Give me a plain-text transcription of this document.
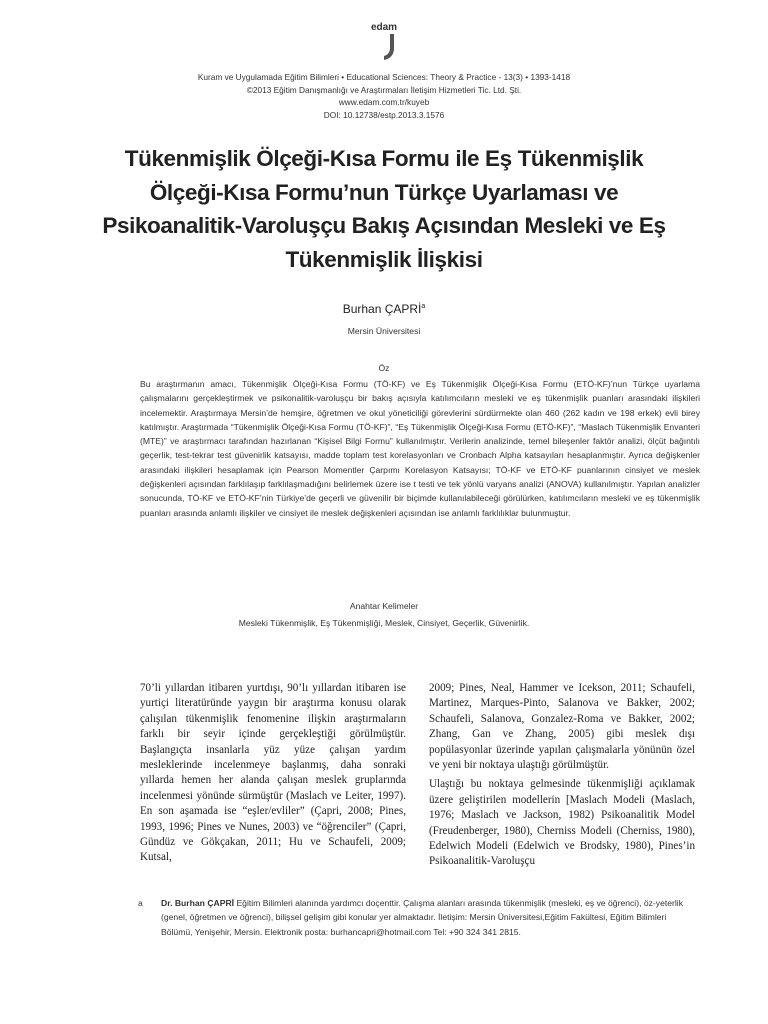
edam
Kuram ve Uygulamada Eğitim Bilimleri • Educational Sciences: Theory & Practice - 13(3) • 1393-1418
©2013 Eğitim Danışmanlığı ve Araştırmaları İletişim Hizmetleri Tic. Ltd. Şti.
www.edam.com.tr/kuyeb
DOI: 10.12738/estp.2013.3.1576
Tükenmişlik Ölçeği-Kısa Formu ile Eş Tükenmişlik
Ölçeği-Kısa Formu’nun Türkçe Uyarlaması ve
Psikoanalitik-Varoluşçu Bakış Açısından Mesleki ve Eş
Tükenmişlik İlişkisi
Burhan ÇAPRİ$^a$
Mersin Üniversitesi
Öz
Bu araştırmanın amacı, Tükenmişlik Ölçeği-Kısa Formu (TÖ-KF) ve Eş Tükenmişlik Ölçeği-Kısa Formu (ETÖ-KF)’nun Türkçe uyarlama çalışmalarını gerçekleştirmek ve psikonalitik-varoluşçu bir bakış açısıyla katılımcıların mesleki ve eş tükenmişlik puanları arasındaki ilişkileri incelemektir. Araştırmaya Mersin’de hemşire, öğretmen ve okul yöneticiliği görevlerini sürdürmekte olan 460 (262 kadın ve 198 erkek) evli birey katılmıştır. Araştırmada “Tükenmişlik Ölçeği-Kısa Formu (TÖ-KF)”, “Eş Tükenmişlik Ölçeği-Kısa Formu (ETÖ-KF)”, “Maslach Tükenmişlik Envanteri (MTE)” ve araştırmacı tarafından hazırlanan “Kişisel Bilgi Formu” kullanılmıştır. Verilerin analizinde, temel bileşenler faktör analizi, ölçüt bağıntılı geçerlik, test-tekrar test güvenirlik katsayısı, madde toplam test korelasyonları ve Cronbach Alpha katsayıları hesaplanmıştır. Ayrıca değişkenler arasındaki ilişkileri hesaplamak için Pearson Momentler Çarpımı Korelasyon Katsayısı; TÖ-KF ve ETÖ-KF puanlarının cinsiyet ve meslek değişkenleri açısından farklılaşıp farklılaşmadığını belirlemek üzere ise t testi ve tek yönlü varyans analizi (ANOVA) kullanılmıştır. Yapılan analizler sonucunda, TÖ-KF ve ETÖ-KF’nin Türkiye’de geçerli ve güvenilir bir biçimde kullanılabileceği görülürken, katılımcıların mesleki ve eş tükenmişlik puanları arasında anlamlı ilişkiler ve cinsiyet ile meslek değişkenleri açısından ise anlamlı farklılıklar bulunmuştur.
Anahtar Kelimeler
Mesleki Tükenmişlik, Eş Tükenmişliği, Meslek, Cinsiyet, Geçerlik, Güvenirlik.

70’li yıllardan itibaren yurtdışı, 90’lı yıllardan itibaren ise yurtiçi literatüründe yaygın bir araştırma konusu olarak çalışılan tükenmişlik fenomenine ilişkin araştırmaların farklı bir seyir içinde gerçekleştiği görülmüştür. Başlangıçta insanlarla yüz yüze çalışan yardım mesleklerinde incelenmeye başlanmış, daha sonraki yıllarda hemen her alanda çalışan meslek gruplarında incelenmesi yönünde sürmüştür (Maslach ve Leiter, 1997). En son aşamada ise “eşler/evliler” (Çapri, 2008; Pines, 1993, 1996; Pines ve Nunes, 2003) ve “öğrenciler” (Çapri, Gündüz ve Gökçakan, 2011; Hu ve Schaufeli, 2009; Kutsal,

2009; Pines, Neal, Hammer ve Icekson, 2011; Schaufeli, Martinez, Marques-Pinto, Salanova ve Bakker, 2002; Schaufeli, Salanova, Gonzalez-Roma ve Bakker, 2002; Zhang, Gan ve Zhang, 2005) gibi meslek dışı popülasyonlar üzerinde yapılan çalışmalarla yönünün özel ve yeni bir noktaya ulaştığı görülmüştür.

Ulaştığı bu noktaya gelmesinde tükenmişliği açıklamak üzere geliştirilen modellerin [Maslach Modeli (Maslach, 1976; Maslach ve Jackson, 1982) Psikoanalitik Model (Freudenberger, 1980), Cherniss Modeli (Cherniss, 1980), Edelwich Modeli (Edelwich ve Brodsky, 1980), Pines’in Psikoanalitik-Varoluşçu

a Dr. Burhan ÇAPRİ Eğitim Bilimleri alanında yardımcı doçenttir. Çalışma alanları arasında tükenmişlik (mesleki, eş ve öğrenci), öz-yeterlik (genel, öğretmen ve öğrenci), bilişsel gelişim gibi konular yer almaktadır. İletişim: Mersin Üniversitesi,Eğitim Fakültesi, Eğitim Bilimleri Bölümü, Yenişehir, Mersin. Elektronik posta: burhancapri@hotmail.com Tel: +90 324 341 2815.
